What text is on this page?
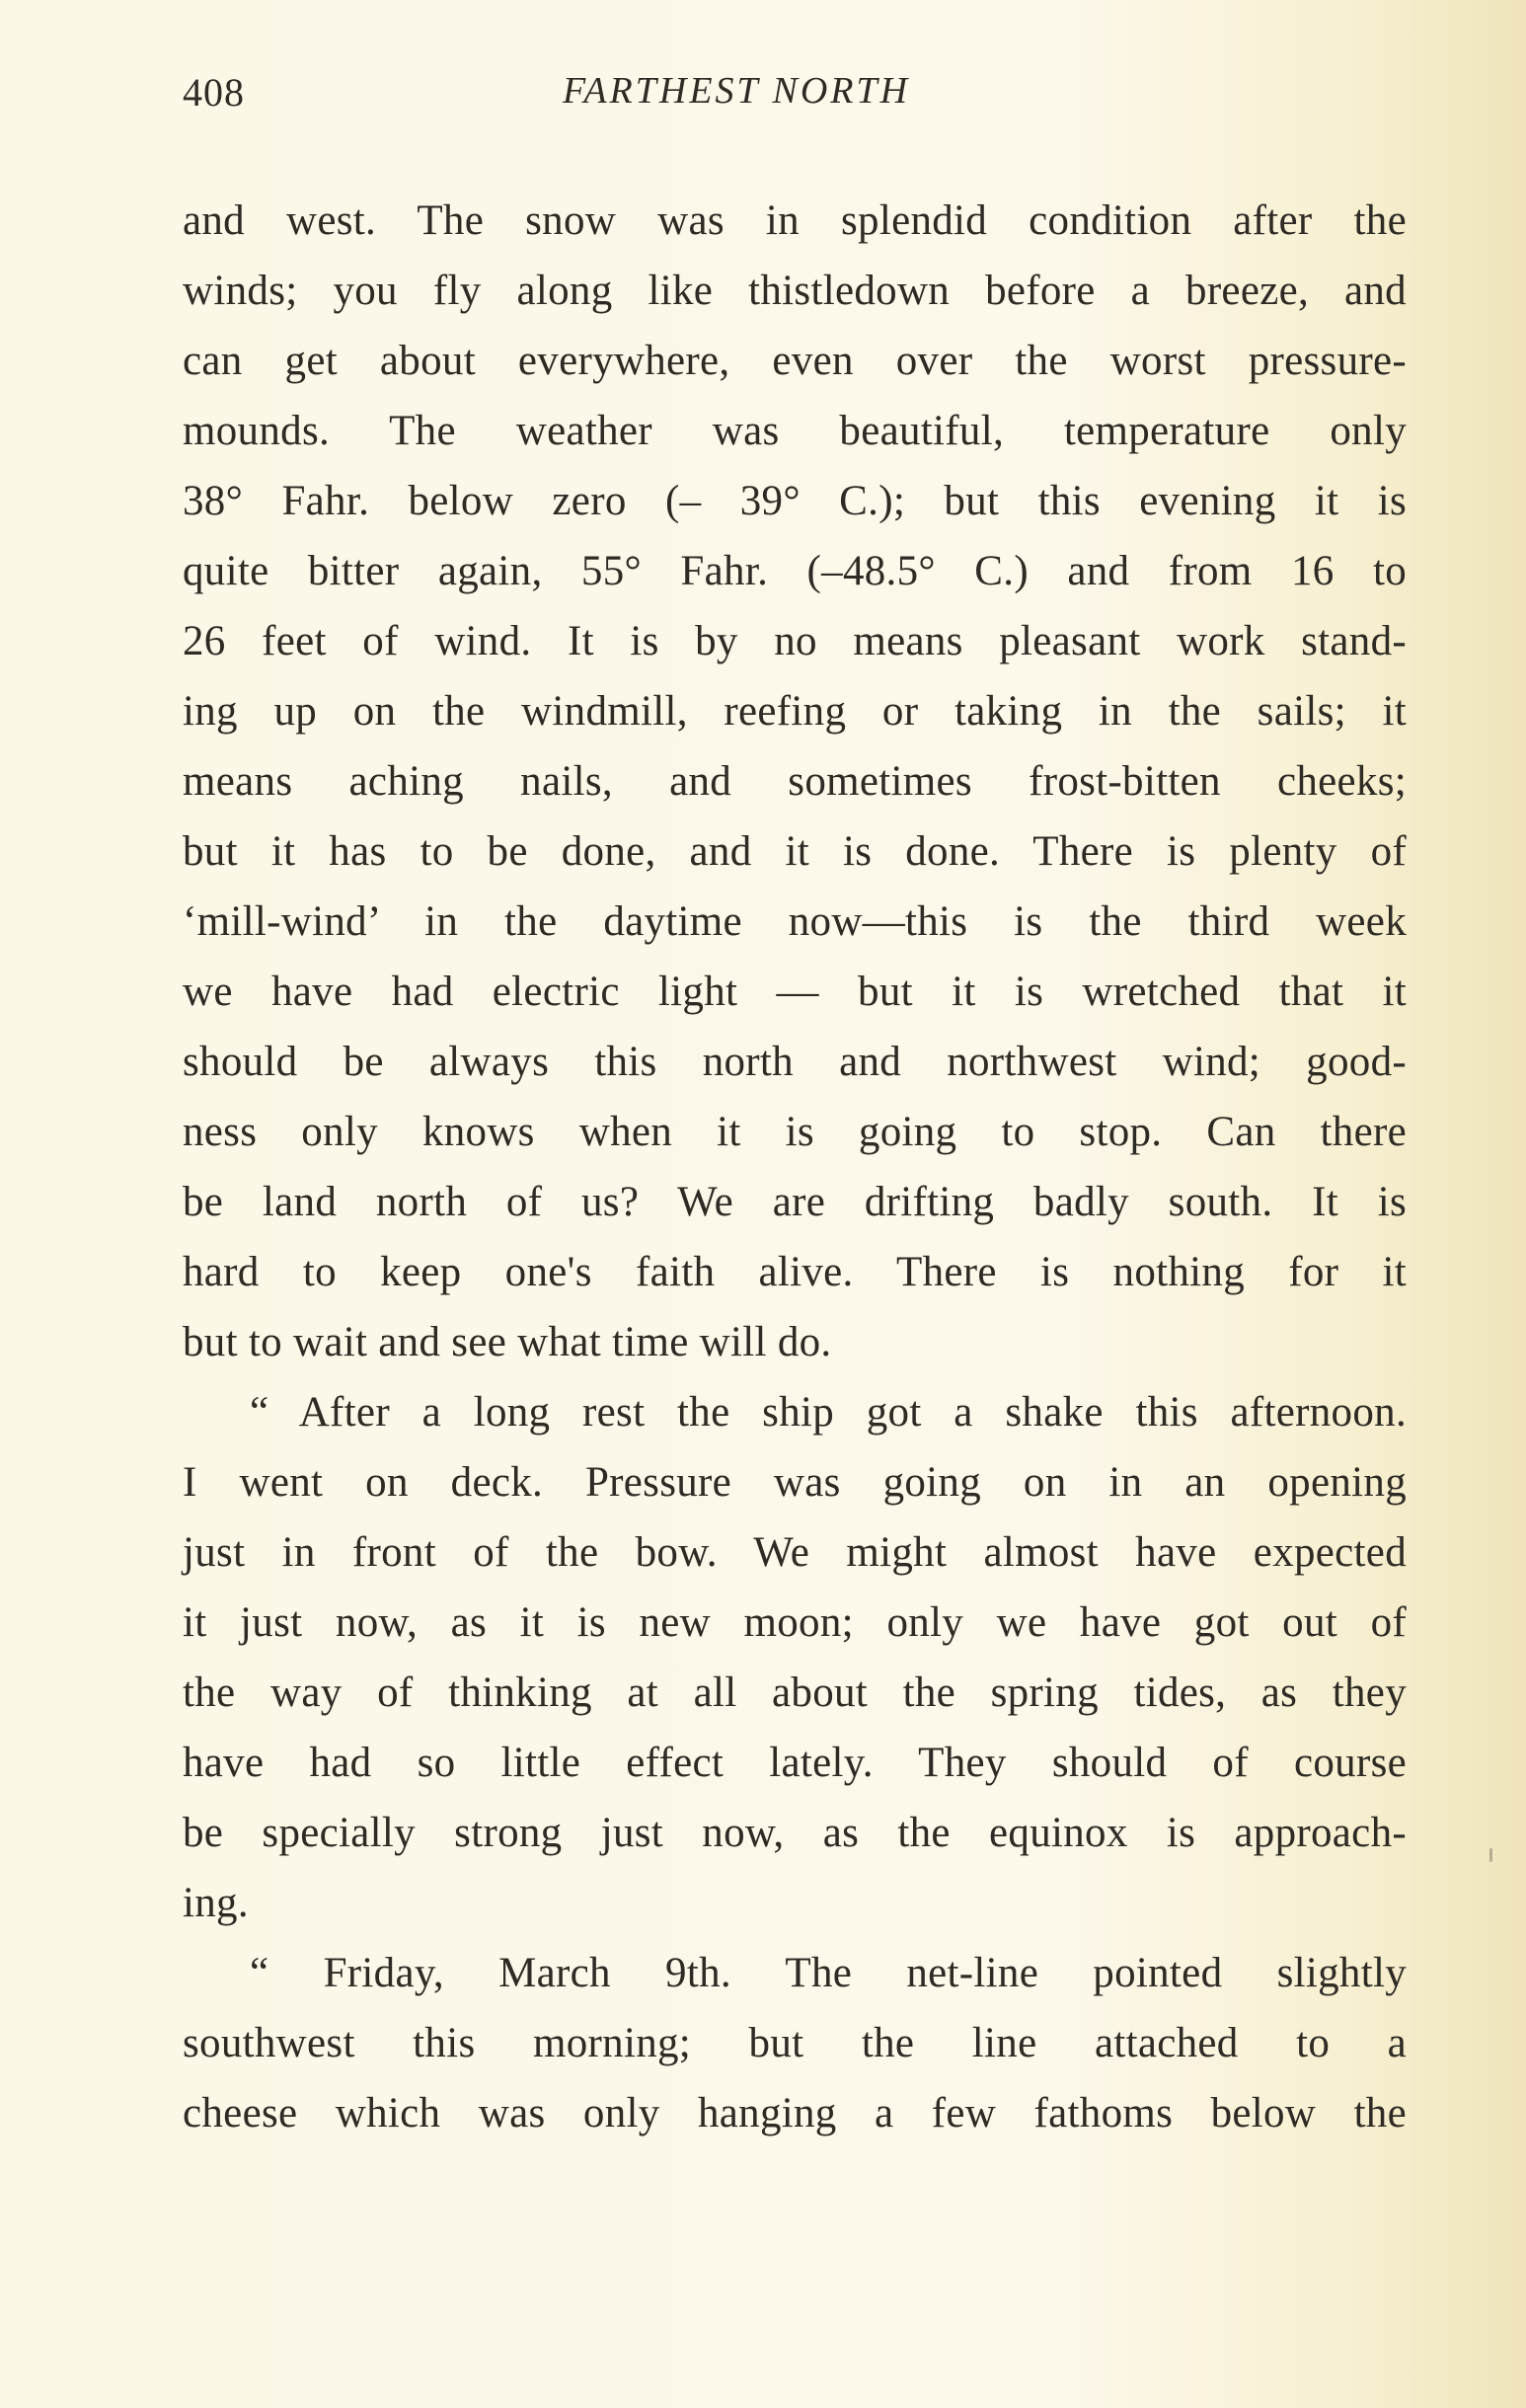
408	FARTHEST NORTH
and west. The snow was in splendid condition after the
winds; you fly along like thistledown before a breeze, and
can get about everywhere, even over the worst pressure-
mounds. The weather was beautiful, temperature only
38° Fahr. below zero (– 39° C.); but this evening it is
quite bitter again, 55° Fahr. (–48.5° C.) and from 16 to
26 feet of wind. It is by no means pleasant work stand-
ing up on the windmill, reefing or taking in the sails; it
means aching nails, and sometimes frost-bitten cheeks;
but it has to be done, and it is done. There is plenty of
‘mill-wind’ in the daytime now—this is the third week
we have had electric light — but it is wretched that it
should be always this north and northwest wind; good-
ness only knows when it is going to stop. Can there
be land north of us? We are drifting badly south. It is
hard to keep one's faith alive. There is nothing for it
but to wait and see what time will do.
“ After a long rest the ship got a shake this afternoon.
I went on deck. Pressure was going on in an opening
just in front of the bow. We might almost have expected
it just now, as it is new moon; only we have got out of
the way of thinking at all about the spring tides, as they
have had so little effect lately. They should of course
be specially strong just now, as the equinox is approach-
ing.
“ Friday, March 9th. The net-line pointed slightly
southwest this morning; but the line attached to a
cheese which was only hanging a few fathoms below the
